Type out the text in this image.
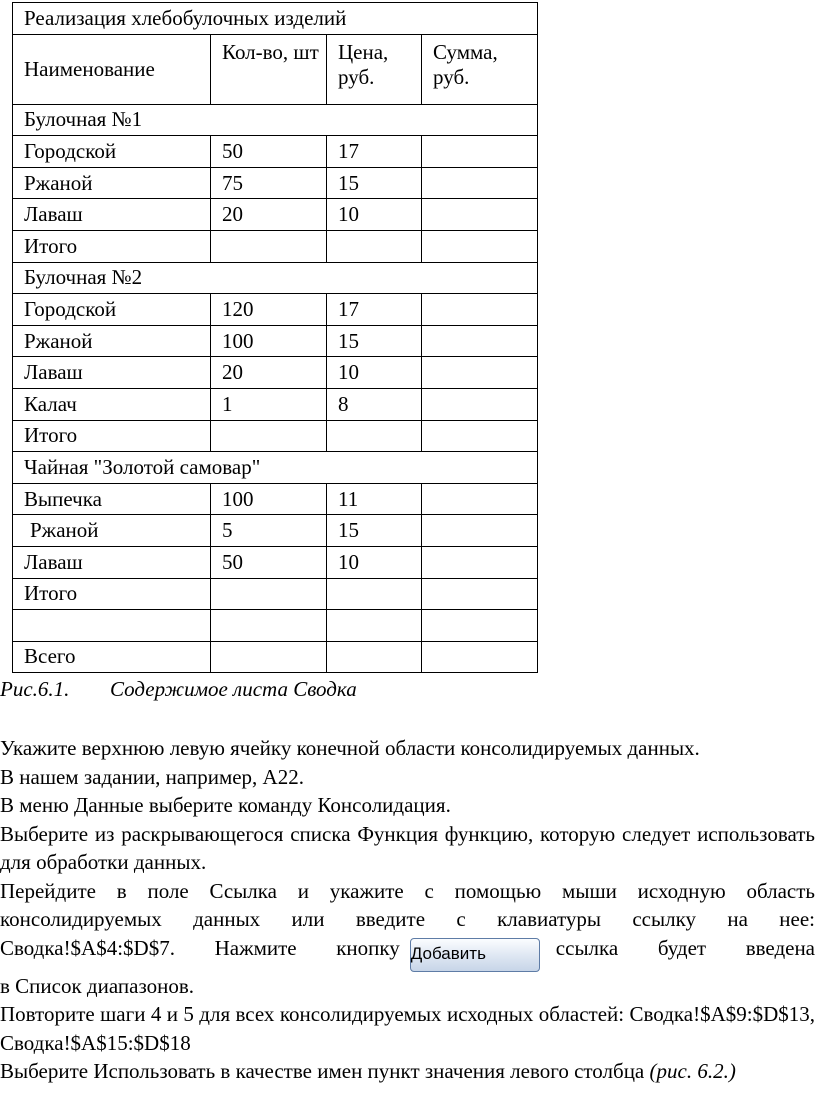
Реализация хлебобулочных изделий			
Наименование	Кол-во, шт	Цена, руб.	Сумма, руб.
Булочная №1			
Городской	50	17	
Ржаной	75	15	
Лаваш	20	10	
Итого			
Булочная №2			
Городской	120	17	
Ржаной	100	15	
Лаваш	20	10	
Калач	1	8	
Итого			
Чайная "Золотой самовар"			
Выпечка	100	11	
Ржаной	5	15	
Лаваш	50	10	
Итого			

Всего			
Рис.6.1. Содержимое листа Сводка

Укажите верхнюю левую ячейку конечной области консолидируемых данных.

В нашем задании, например, А22.

В меню Данные выберите команду Консолидация.

Выберите из раскрывающегося списка Функция функцию, которую следует использовать для обработки данных.

Перейдите в поле Ссылка и укажите с помощью мыши исходную область консолидируемых данных или введите с клавиатуры ссылку на нее:

Сводка!$A$4:$D$7. Нажмите кнопку Добавить	ссылка будет введена

в Список диапазонов.

Повторите шаги 4 и 5 для всех консолидируемых исходных областей: Сводка!$A$9:$D$13, Сводка!$A$15:$D$18

Выберите Использовать в качестве имен пункт значения левого столбца (рис. 6.2.)
